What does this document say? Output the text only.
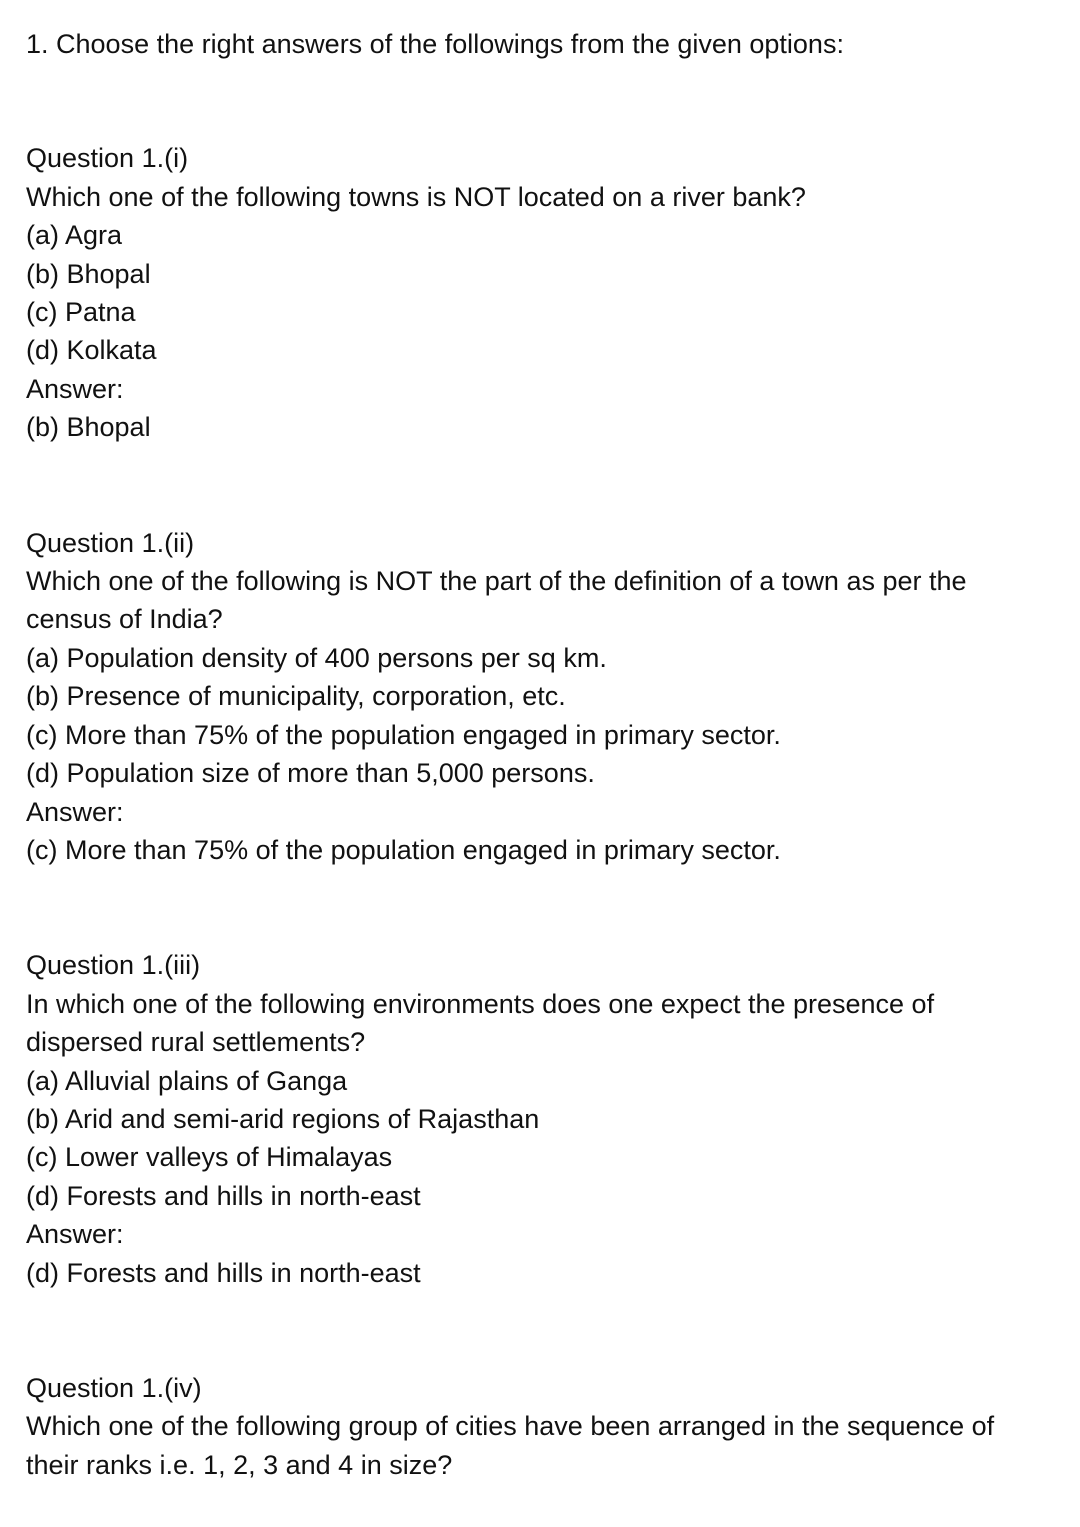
1. Choose the right answers of the followings from the given options:

Question 1.(i)
Which one of the following towns is NOT located on a river bank?
(a) Agra
(b) Bhopal
(c) Patna
(d) Kolkata
Answer:
(b) Bhopal
Question 1.(ii)
Which one of the following is NOT the part of the definition of a town as per the census of India?
(a) Population density of 400 persons per sq km.
(b) Presence of municipality, corporation, etc.
(c) More than 75% of the population engaged in primary sector.
(d) Population size of more than 5,000 persons.
Answer:
(c) More than 75% of the population engaged in primary sector.
Question 1.(iii)
In which one of the following environments does one expect the presence of dispersed rural settlements?
(a) Alluvial plains of Ganga
(b) Arid and semi-arid regions of Rajasthan
(c) Lower valleys of Himalayas
(d) Forests and hills in north-east
Answer:
(d) Forests and hills in north-east
Question 1.(iv)
Which one of the following group of cities have been arranged in the sequence of their ranks i.e. 1, 2, 3 and 4 in size?
